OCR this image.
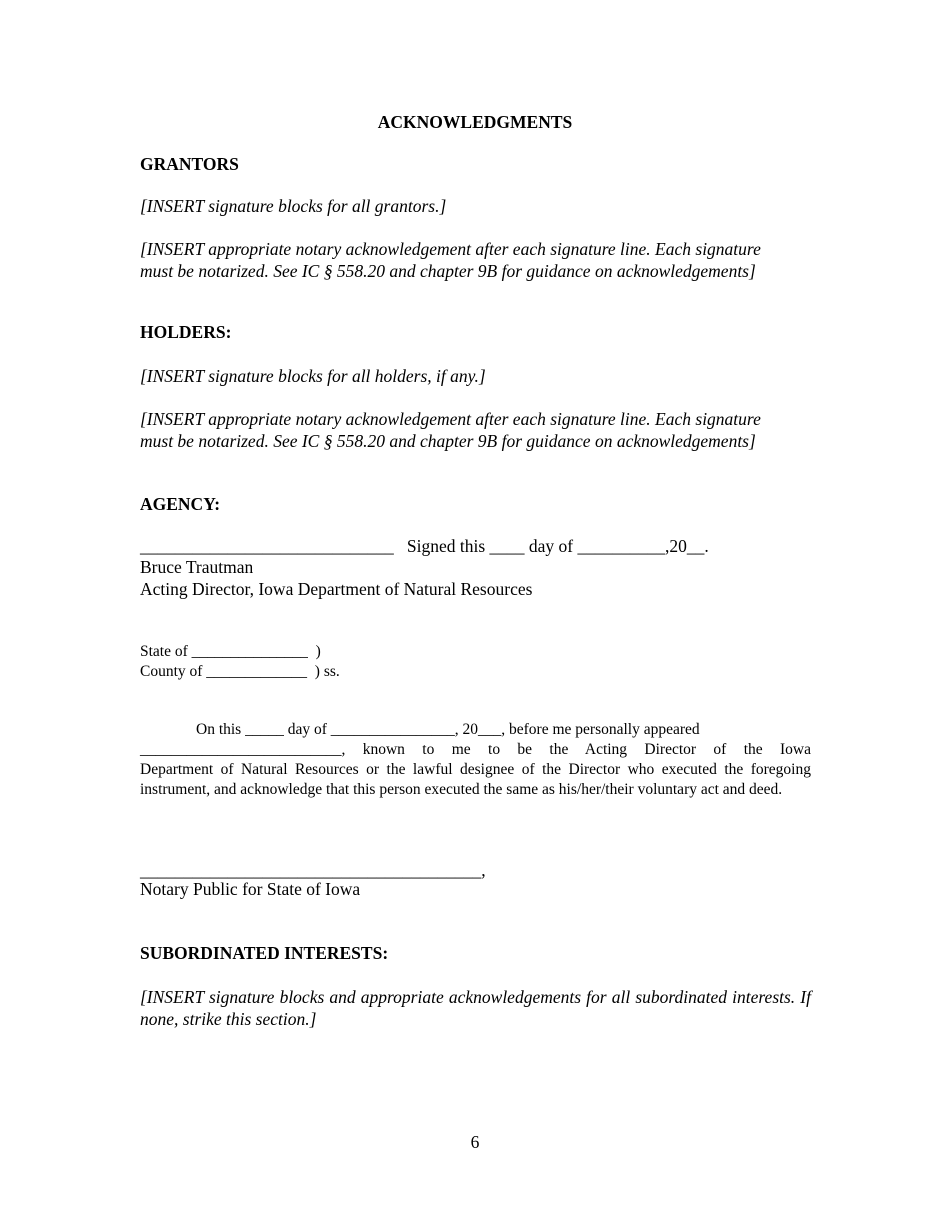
ACKNOWLEDGMENTS

GRANTORS

[INSERT signature blocks for all grantors.]

[INSERT appropriate notary acknowledgement after each signature line. Each signature
must be notarized. See IC § 558.20 and chapter 9B for guidance on acknowledgements]

HOLDERS:

[INSERT signature blocks for all holders, if any.]

[INSERT appropriate notary acknowledgement after each signature line. Each signature
must be notarized. See IC § 558.20 and chapter 9B for guidance on acknowledgements]

AGENCY:

_____________________________   Signed this ____ day of __________,20__.

Bruce Trautman

Acting Director, Iowa Department of Natural Resources

State of _______________  )

County of _____________  ) ss.

On this _____ day of ________________, 20___, before me personally appeared
__________________________, known to me to be the Acting Director of the Iowa
Department of Natural Resources or the lawful designee of the Director who executed the foregoing instrument, and acknowledge that this person executed the same as his/her/their voluntary act and deed.

_______________________________________,

Notary Public for State of Iowa

SUBORDINATED INTERESTS:

[INSERT signature blocks and appropriate acknowledgements for all subordinated interests. If none, strike this section.]

6
